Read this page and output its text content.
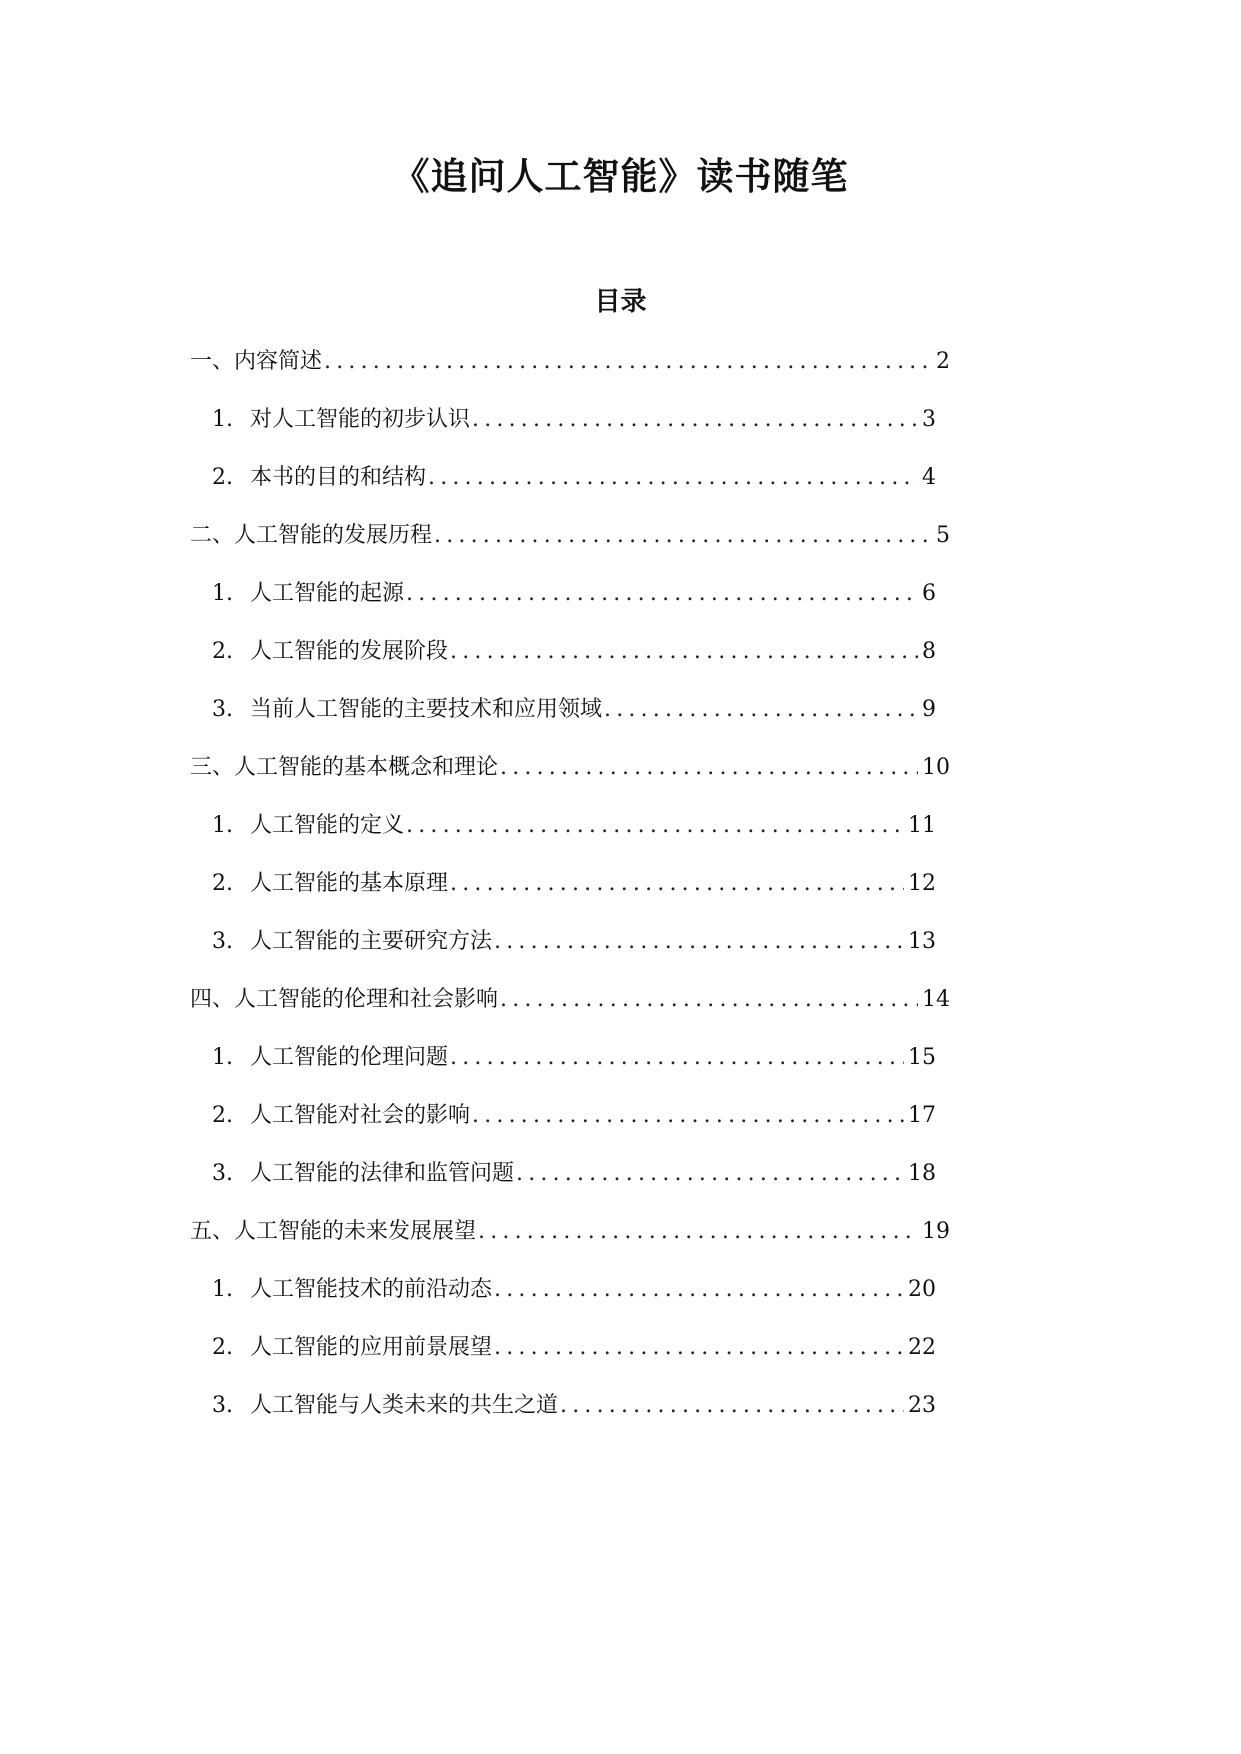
《追问人工智能》读书随笔
目录
一、内容简述 .....	2
1. 对人工智能的初步认识 .....	3
2. 本书的目的和结构 .....	4
二、人工智能的发展历程 .....	5
1. 人工智能的起源 .....	6
2. 人工智能的发展阶段 .....	8
3. 当前人工智能的主要技术和应用领域 .....	9
三、人工智能的基本概念和理论 .....	10
1. 人工智能的定义 .....	11
2. 人工智能的基本原理 .....	12
3. 人工智能的主要研究方法 .....	13
四、人工智能的伦理和社会影响 .....	14
1. 人工智能的伦理问题 .....	15
2. 人工智能对社会的影响 .....	17
3. 人工智能的法律和监管问题 .....	18
五、人工智能的未来发展展望 .....	19
1. 人工智能技术的前沿动态 .....	20
2. 人工智能的应用前景展望 .....	22
3. 人工智能与人类未来的共生之道 .....	23
